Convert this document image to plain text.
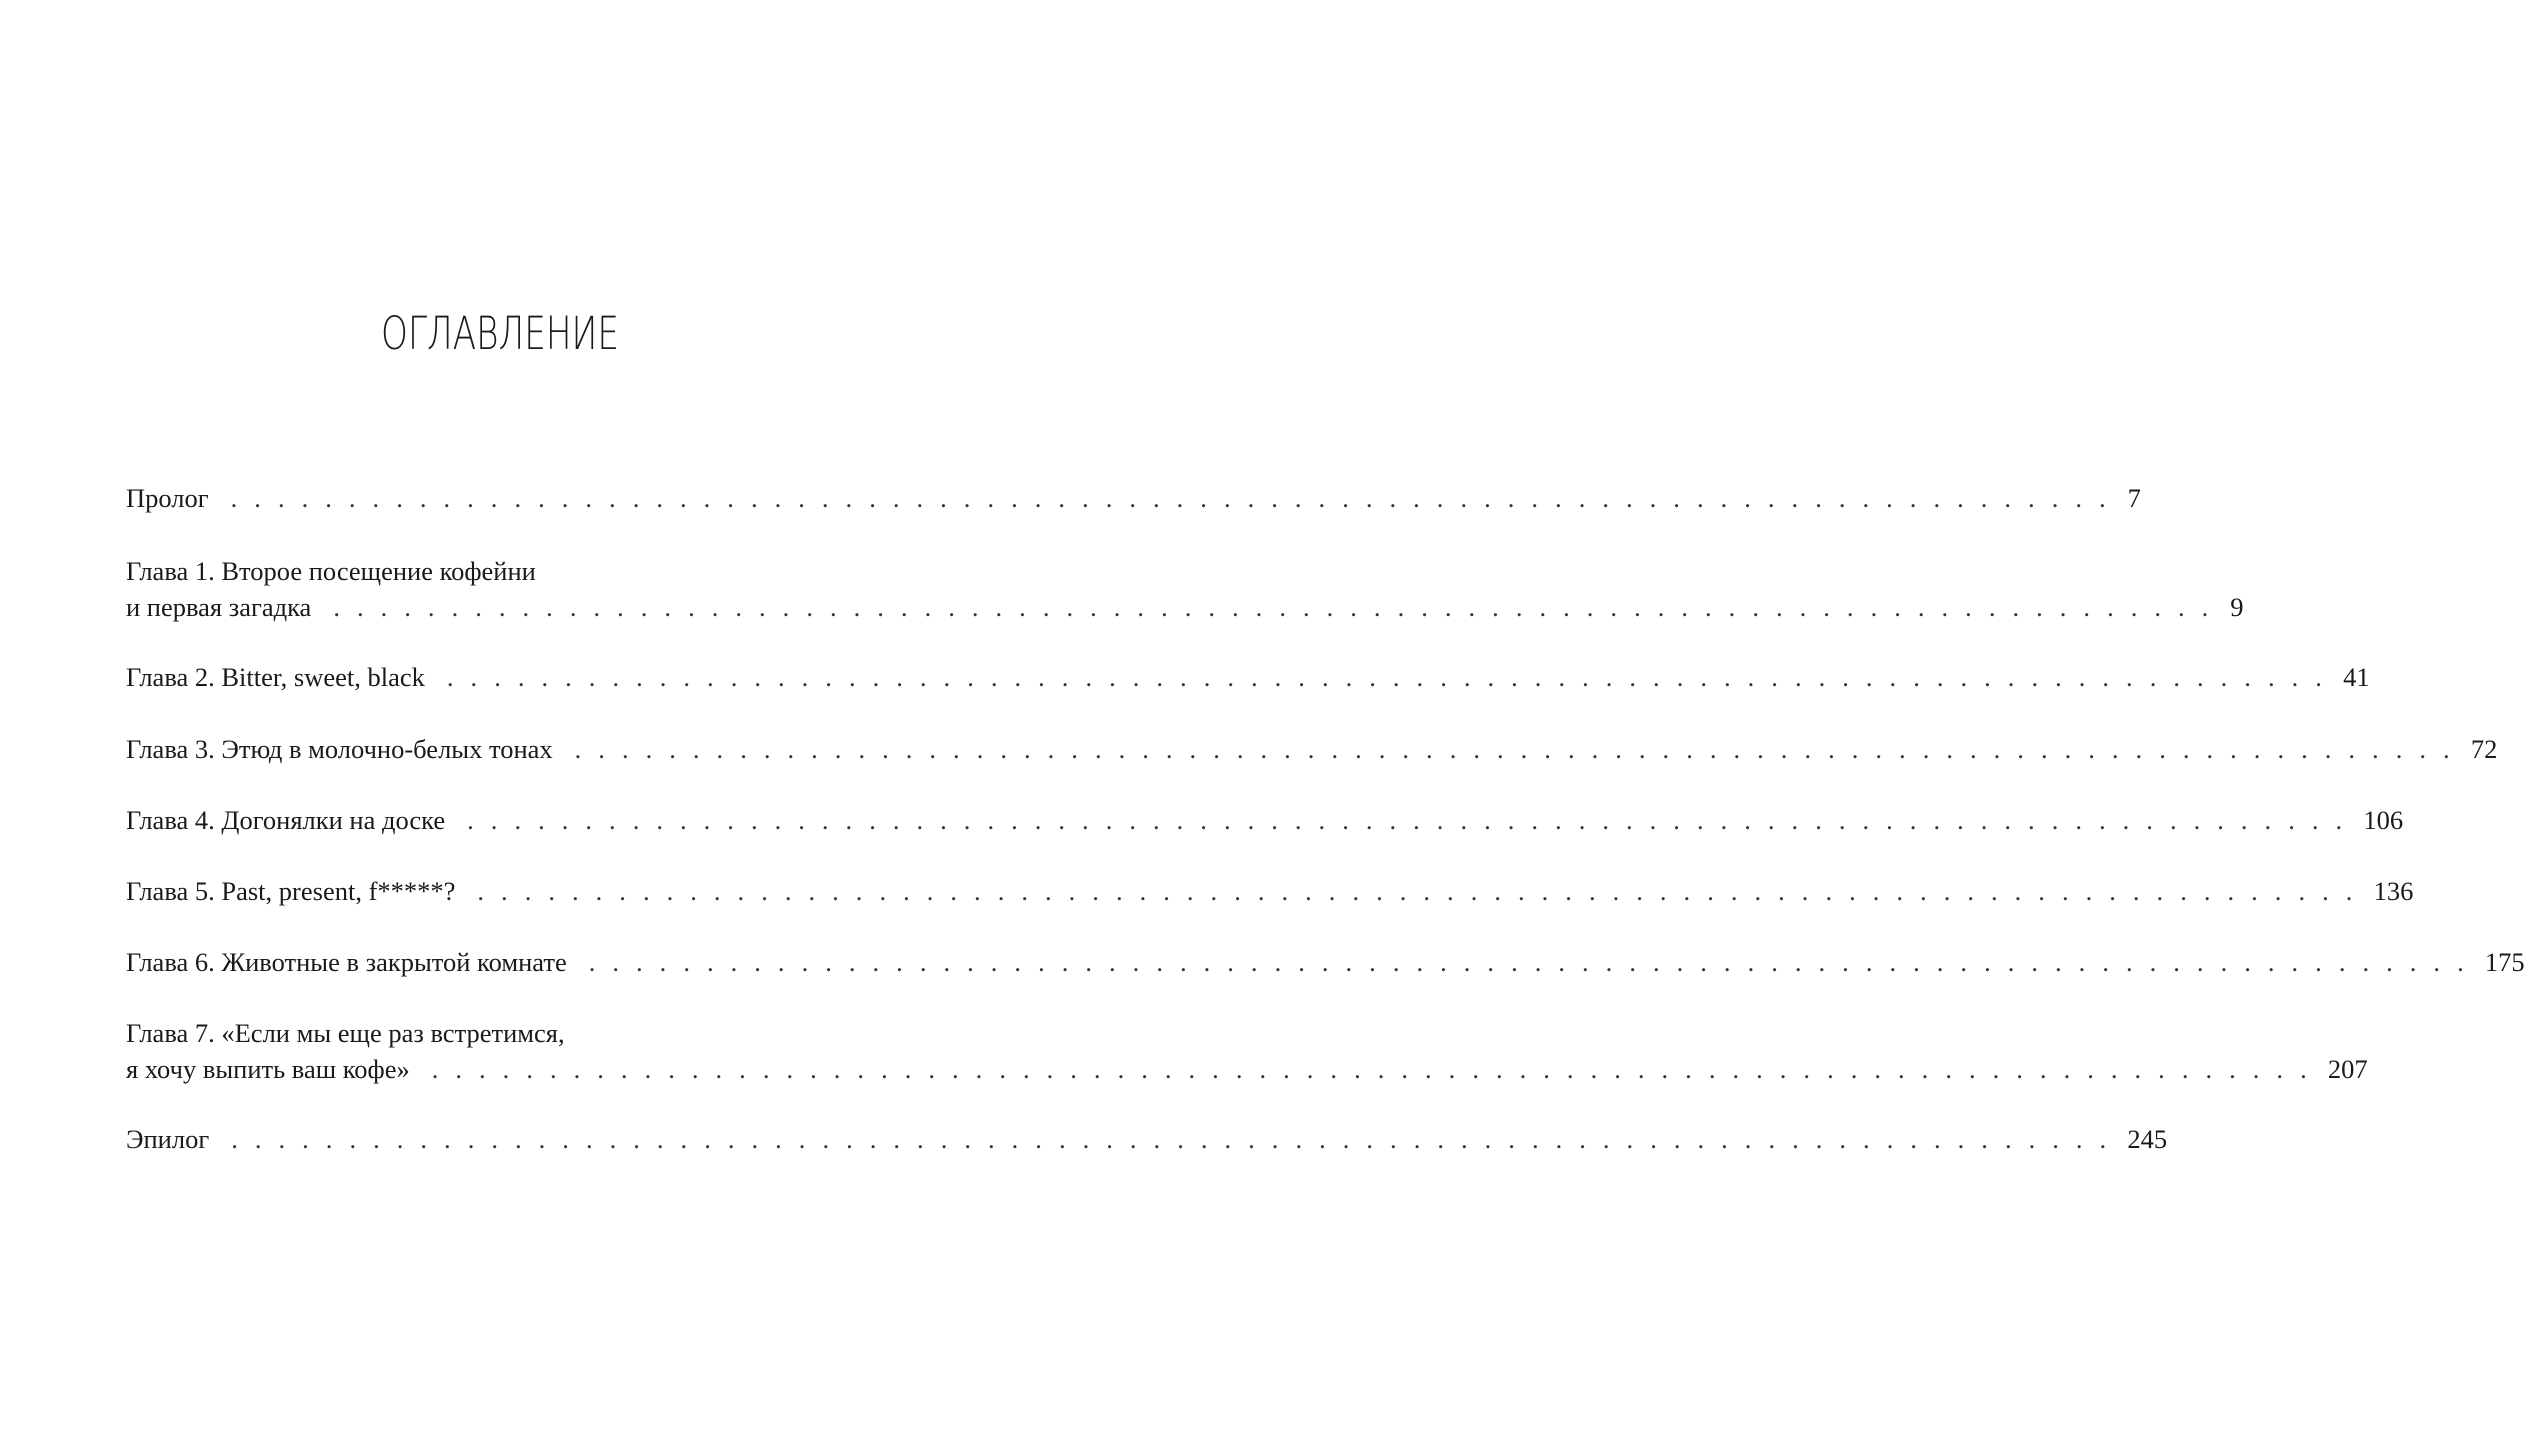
ОГЛАВЛЕНИЕ
Пролог . . . . . . . . . . . . . . . . . . . . . . . . . . . . . . . . . . . . . . . . . . . . . . . . . . . . . . . . . . . . . . . . . . . . . . . . . . . . . . . . 7
Глава 1. Второе посещение кофейни
и первая загадка . . . . . . . . . . . . . . . . . . . . . . . . . . . . . . . . . . . . . . . . . . . . . . . . . . . . . . . . . . . . . . . . . . . . . . . . . . . . . . . . 9
Глава 2. Bitter, sweet, black . . . . . . . . . . . . . . . . . . . . . . . . . . . . . . . . . . . . . . . . . . . . . . . . . . . . . . . . . . . . . . . . . . . . . . . . . . . . . . . . 41
Глава 3. Этюд в молочно-белых тонах . . . . . . . . . . . . . . . . . . . . . . . . . . . . . . . . . . . . . . . . . . . . . . . . . . . . . . . . . . . . . . . . . . . . . . . . . . . . . . . . 72
Глава 4. Догонялки на доске . . . . . . . . . . . . . . . . . . . . . . . . . . . . . . . . . . . . . . . . . . . . . . . . . . . . . . . . . . . . . . . . . . . . . . . . . . . . . . . . 106
Глава 5. Past, present, f*****? . . . . . . . . . . . . . . . . . . . . . . . . . . . . . . . . . . . . . . . . . . . . . . . . . . . . . . . . . . . . . . . . . . . . . . . . . . . . . . . . 136
Глава 6. Животные в закрытой комнате . . . . . . . . . . . . . . . . . . . . . . . . . . . . . . . . . . . . . . . . . . . . . . . . . . . . . . . . . . . . . . . . . . . . . . . . . . . . . . . . 175
Глава 7. «Если мы еще раз встретимся,
я хочу выпить ваш кофе» . . . . . . . . . . . . . . . . . . . . . . . . . . . . . . . . . . . . . . . . . . . . . . . . . . . . . . . . . . . . . . . . . . . . . . . . . . . . . . . . 207
Эпилог . . . . . . . . . . . . . . . . . . . . . . . . . . . . . . . . . . . . . . . . . . . . . . . . . . . . . . . . . . . . . . . . . . . . . . . . . . . . . . . . 245
